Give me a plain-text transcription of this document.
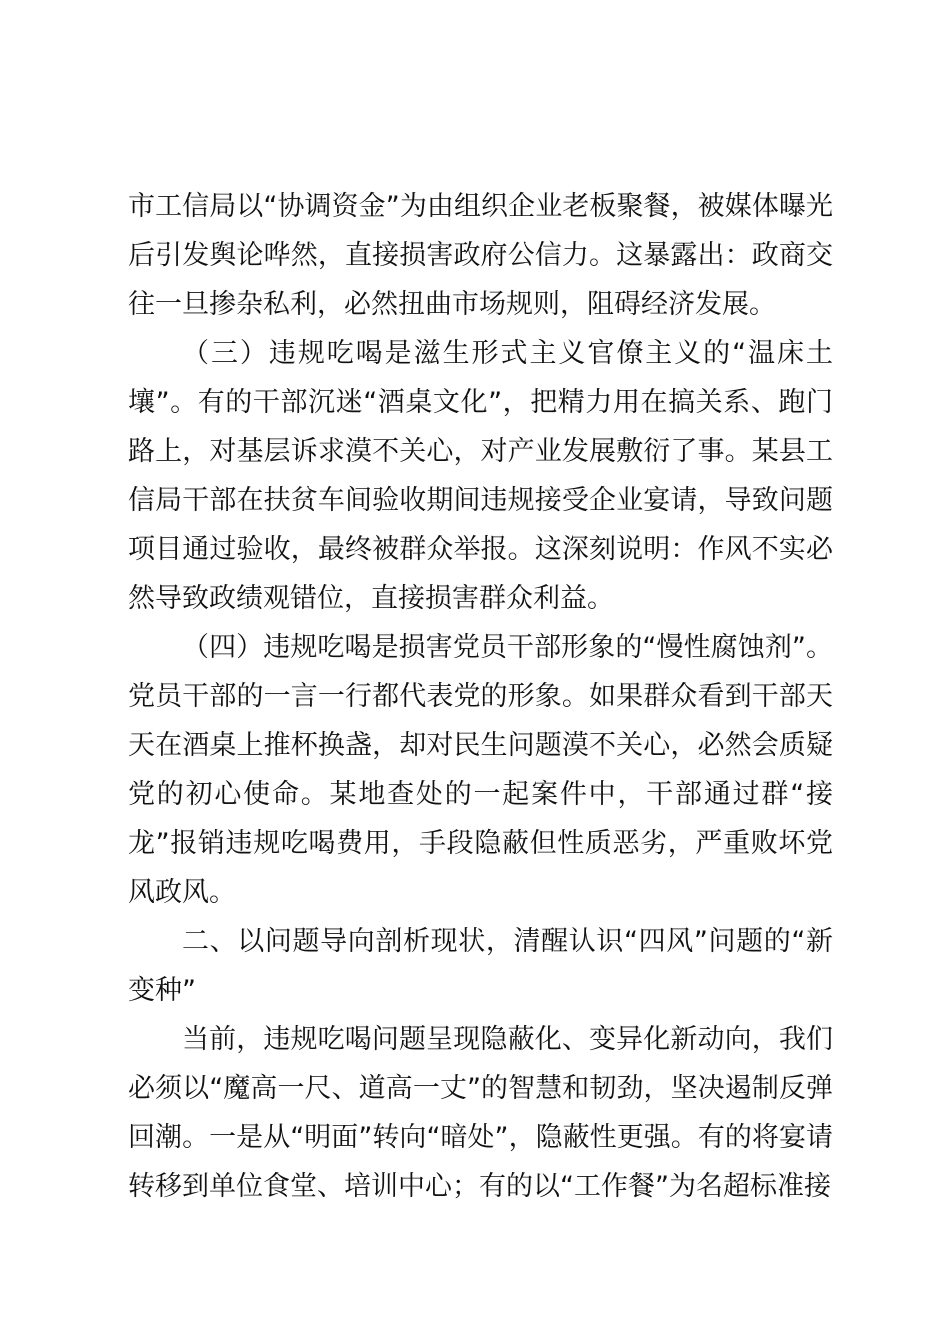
市工信局以“协调资金”为由组织企业老板聚餐，被媒体曝光后引发舆论哗然，直接损害政府公信力。这暴露出：政商交往一旦掺杂私利，必然扭曲市场规则，阻碍经济发展。

（三）违规吃喝是滋生形式主义官僚主义的“温床土壤”。有的干部沉迷“酒桌文化”，把精力用在搞关系、跑门路上，对基层诉求漠不关心，对产业发展敷衍了事。某县工信局干部在扶贫车间验收期间违规接受企业宴请，导致问题项目通过验收，最终被群众举报。这深刻说明：作风不实必然导致政绩观错位，直接损害群众利益。

（四）违规吃喝是损害党员干部形象的“慢性腐蚀剂”。党员干部的一言一行都代表党的形象。如果群众看到干部天天在酒桌上推杯换盏，却对民生问题漠不关心，必然会质疑党的初心使命。某地查处的一起案件中，干部通过群“接龙”报销违规吃喝费用，手段隐蔽但性质恶劣，严重败坏党风政风。

二、以问题导向剖析现状，清醒认识“四风”问题的“新变种”

当前，违规吃喝问题呈现隐蔽化、变异化新动向，我们必须以“魔高一尺、道高一丈”的智慧和韧劲，坚决遏制反弹回潮。一是从“明面”转向“暗处”，隐蔽性更强。有的将宴请转移到单位食堂、培训中心；有的以“工作餐”为名超标准接
